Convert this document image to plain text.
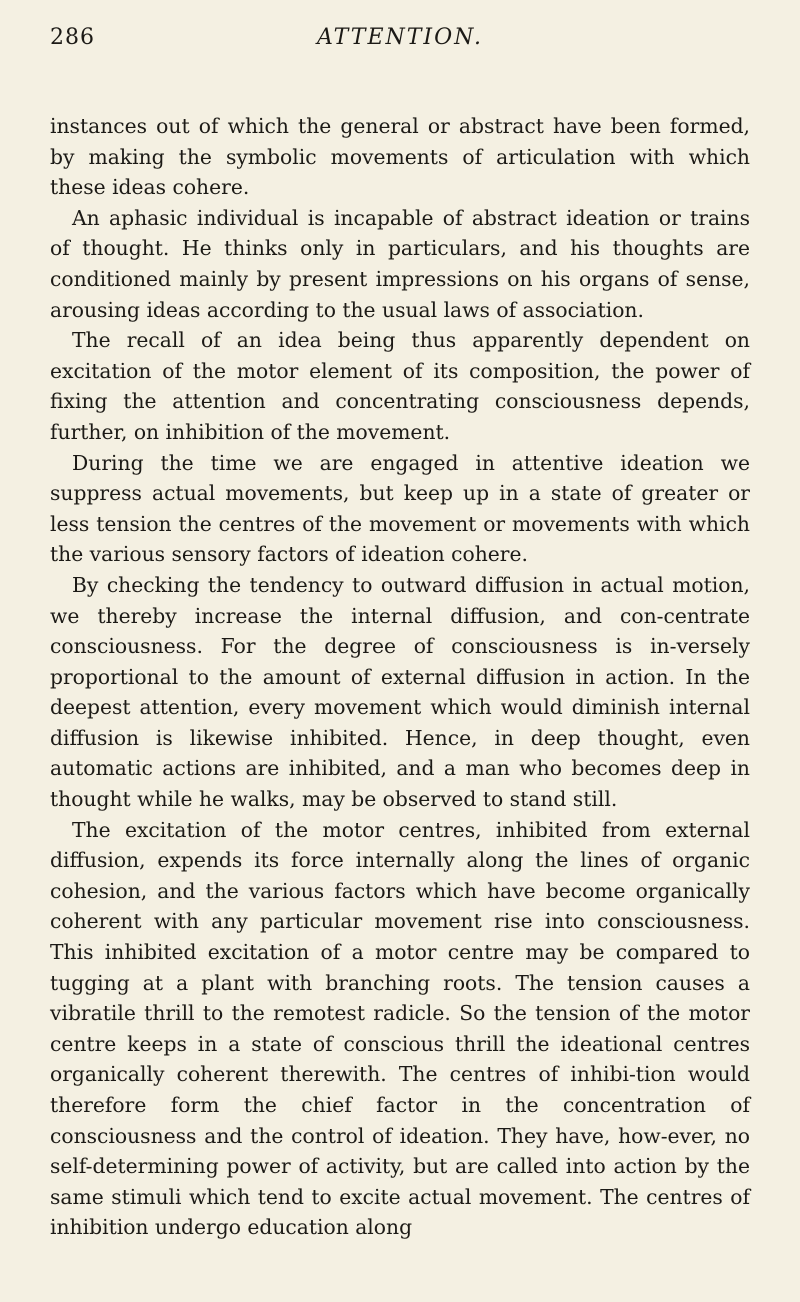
286	ATTENTION.

instances out of which the general or abstract have been formed, by making the symbolic movements of articulation with which these ideas cohere.

An aphasic individual is incapable of abstract ideation or trains of thought. He thinks only in particulars, and his thoughts are conditioned mainly by present impressions on his organs of sense, arousing ideas according to the usual laws of association.

The recall of an idea being thus apparently dependent on excitation of the motor element of its composition, the power of fixing the attention and concentrating consciousness depends, further, on inhibition of the movement.

During the time we are engaged in attentive ideation we suppress actual movements, but keep up in a state of greater or less tension the centres of the movement or movements with which the various sensory factors of ideation cohere.

By checking the tendency to outward diffusion in actual motion, we thereby increase the internal diffusion, and con-centrate consciousness. For the degree of consciousness is in-versely proportional to the amount of external diffusion in action. In the deepest attention, every movement which would diminish internal diffusion is likewise inhibited. Hence, in deep thought, even automatic actions are inhibited, and a man who becomes deep in thought while he walks, may be observed to stand still.

The excitation of the motor centres, inhibited from external diffusion, expends its force internally along the lines of organic cohesion, and the various factors which have become organically coherent with any particular movement rise into consciousness. This inhibited excitation of a motor centre may be compared to tugging at a plant with branching roots. The tension causes a vibratile thrill to the remotest radicle. So the tension of the motor centre keeps in a state of conscious thrill the ideational centres organically coherent therewith. The centres of inhibi-tion would therefore form the chief factor in the concentration of consciousness and the control of ideation. They have, how-ever, no self-determining power of activity, but are called into action by the same stimuli which tend to excite actual movement. The centres of inhibition undergo education along
